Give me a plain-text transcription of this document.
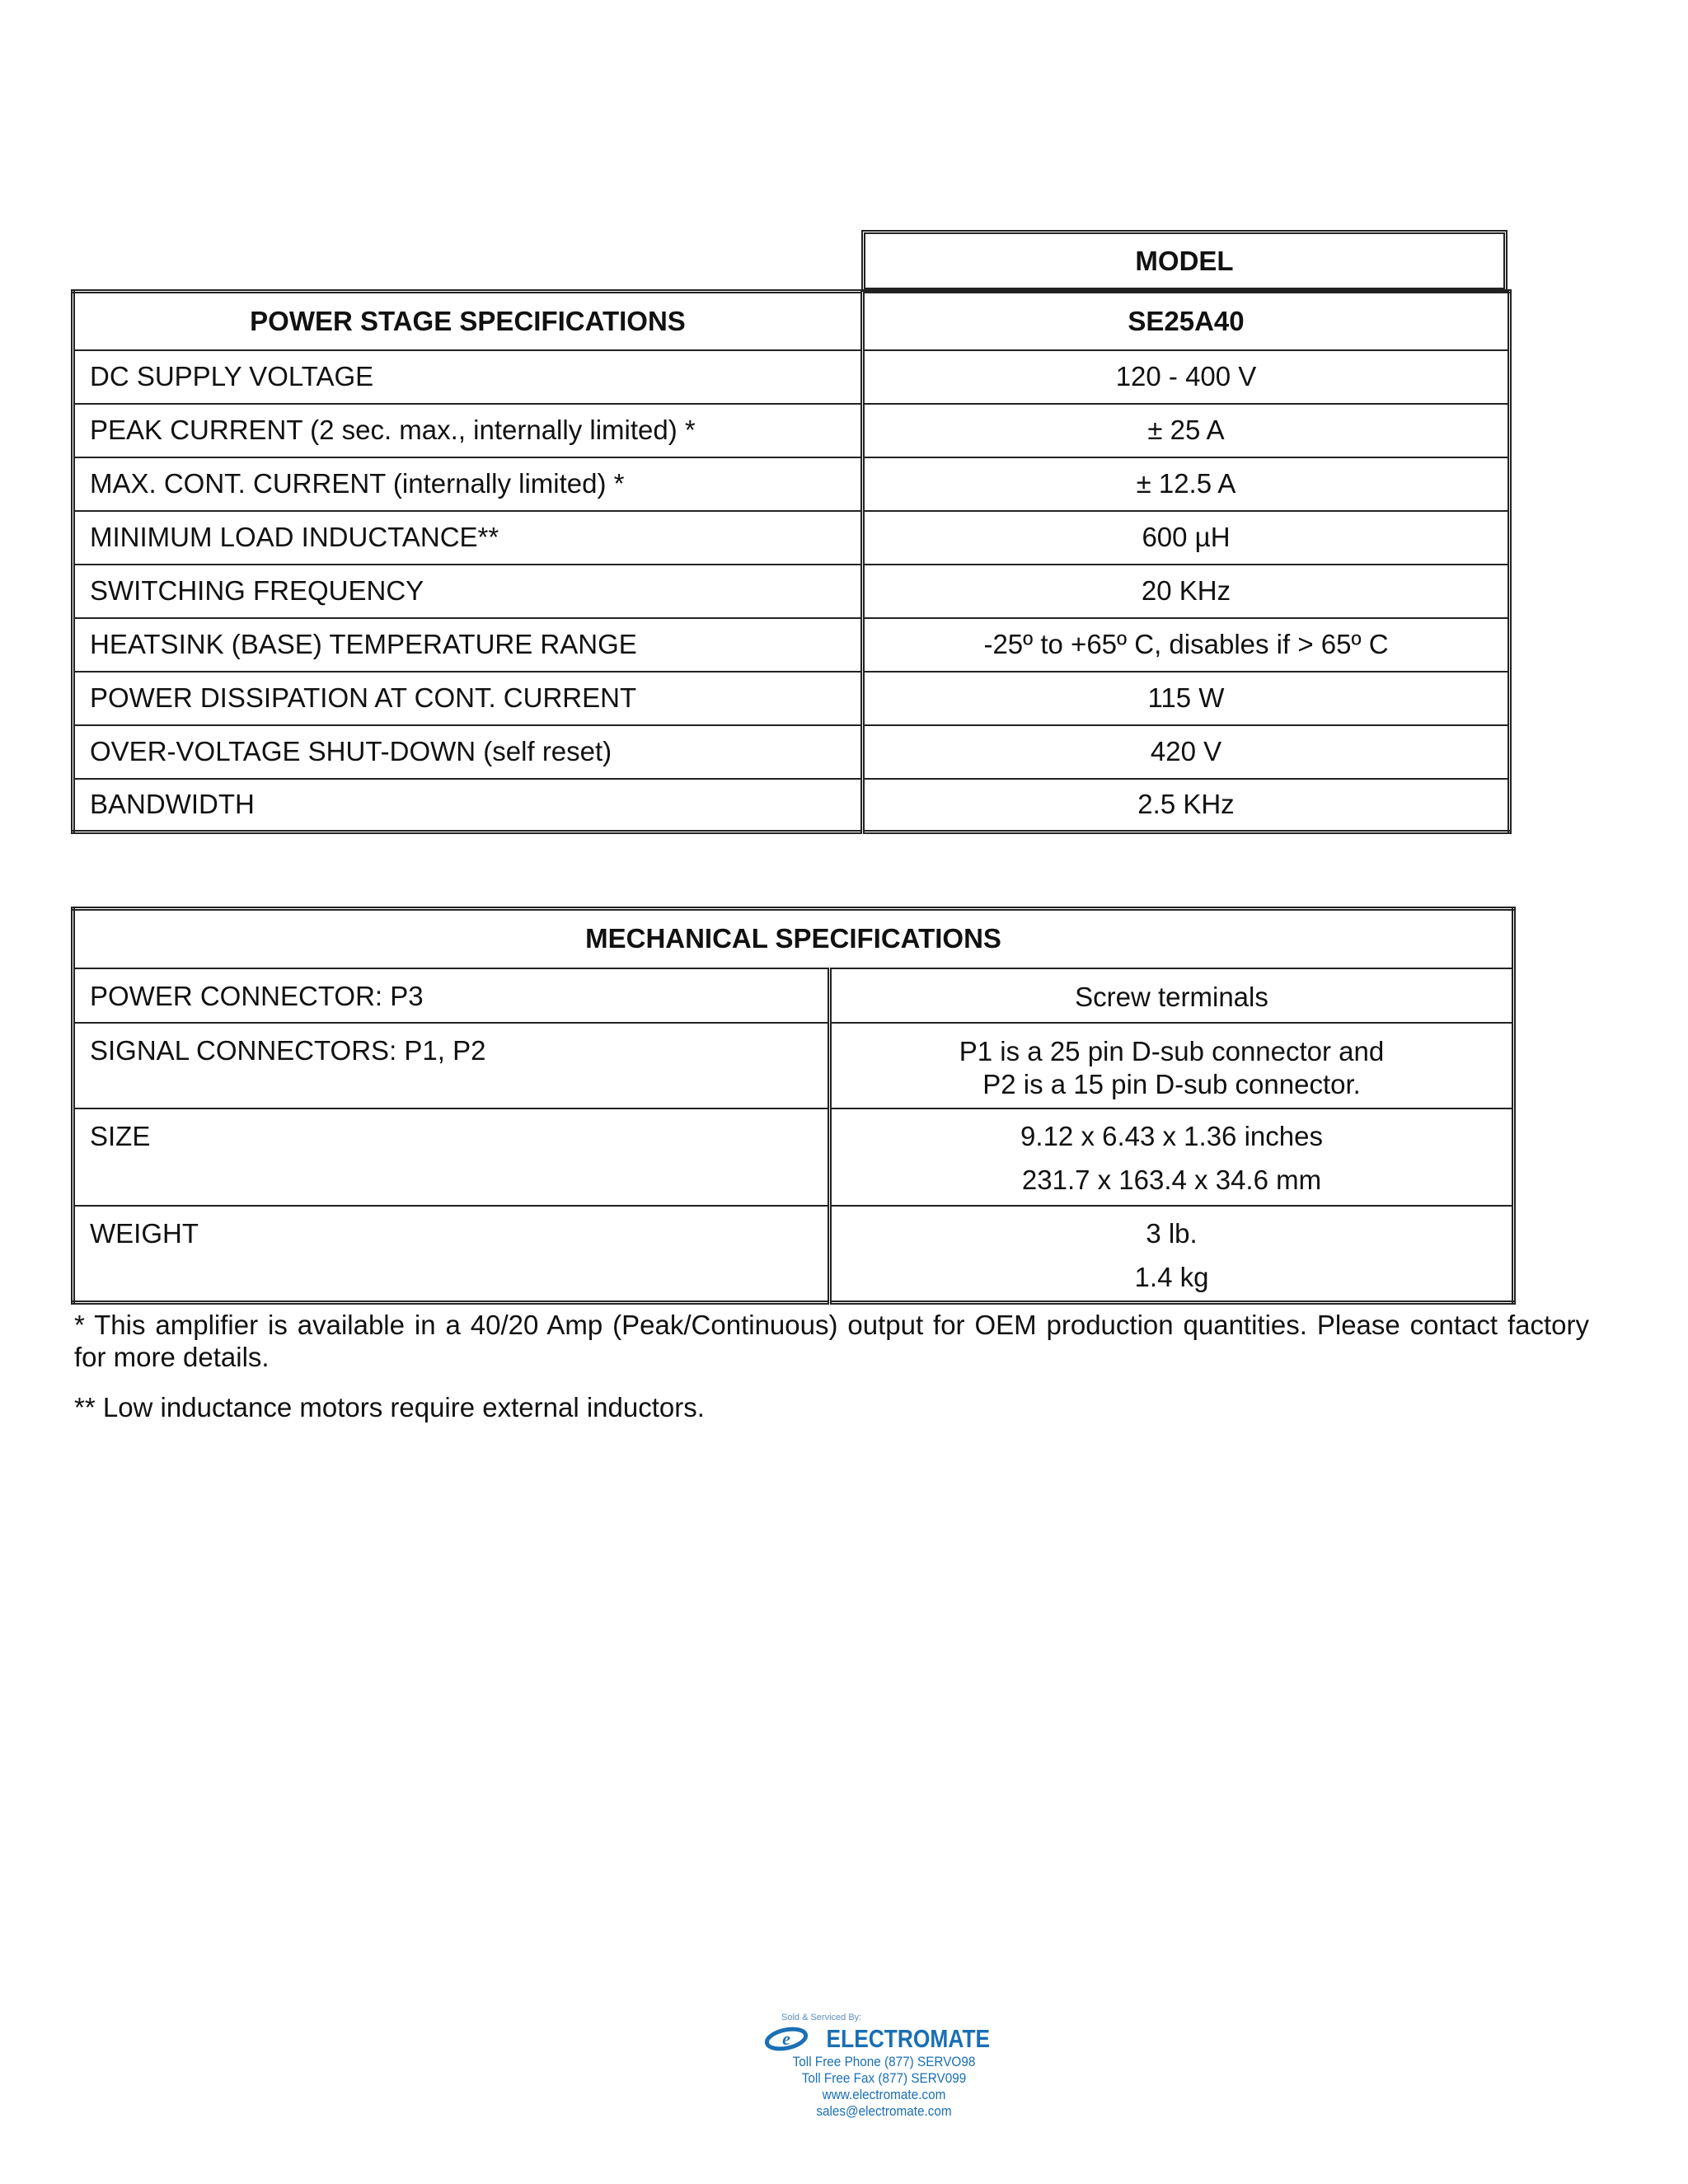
MODEL
POWER STAGE SPECIFICATIONS	SE25A40
DC SUPPLY VOLTAGE	120 - 400 V
PEAK CURRENT (2 sec. max., internally limited) *	± 25 A
MAX. CONT. CURRENT (internally limited) *	± 12.5 A
MINIMUM LOAD INDUCTANCE**	600 µH
SWITCHING FREQUENCY	20 KHz
HEATSINK (BASE) TEMPERATURE RANGE	-25º to +65º C, disables if > 65º C
POWER DISSIPATION AT CONT. CURRENT	115 W
OVER-VOLTAGE SHUT-DOWN (self reset)	420 V
BANDWIDTH	2.5 KHz
MECHANICAL SPECIFICATIONS	
POWER CONNECTOR: P3	Screw terminals

SIGNAL CONNECTORS: P1, P2	P1 is a 25 pin D-sub connector and
P2 is a 15 pin D-sub connector.

SIZE	9.12 x 6.43 x 1.36 inches
231.7 x 163.4 x 34.6 mm

WEIGHT	3 lb.
1.4 kg
* This amplifier is available in a 40/20 Amp (Peak/Continuous) output for OEM production quantities. Please contact factory for more details.
** Low inductance motors require external inductors.
Sold & Serviced By:
e ELECTROMATE
Toll Free Phone (877) SERVO98
Toll Free Fax (877) SERV099
www.electromate.com
sales@electromate.com
